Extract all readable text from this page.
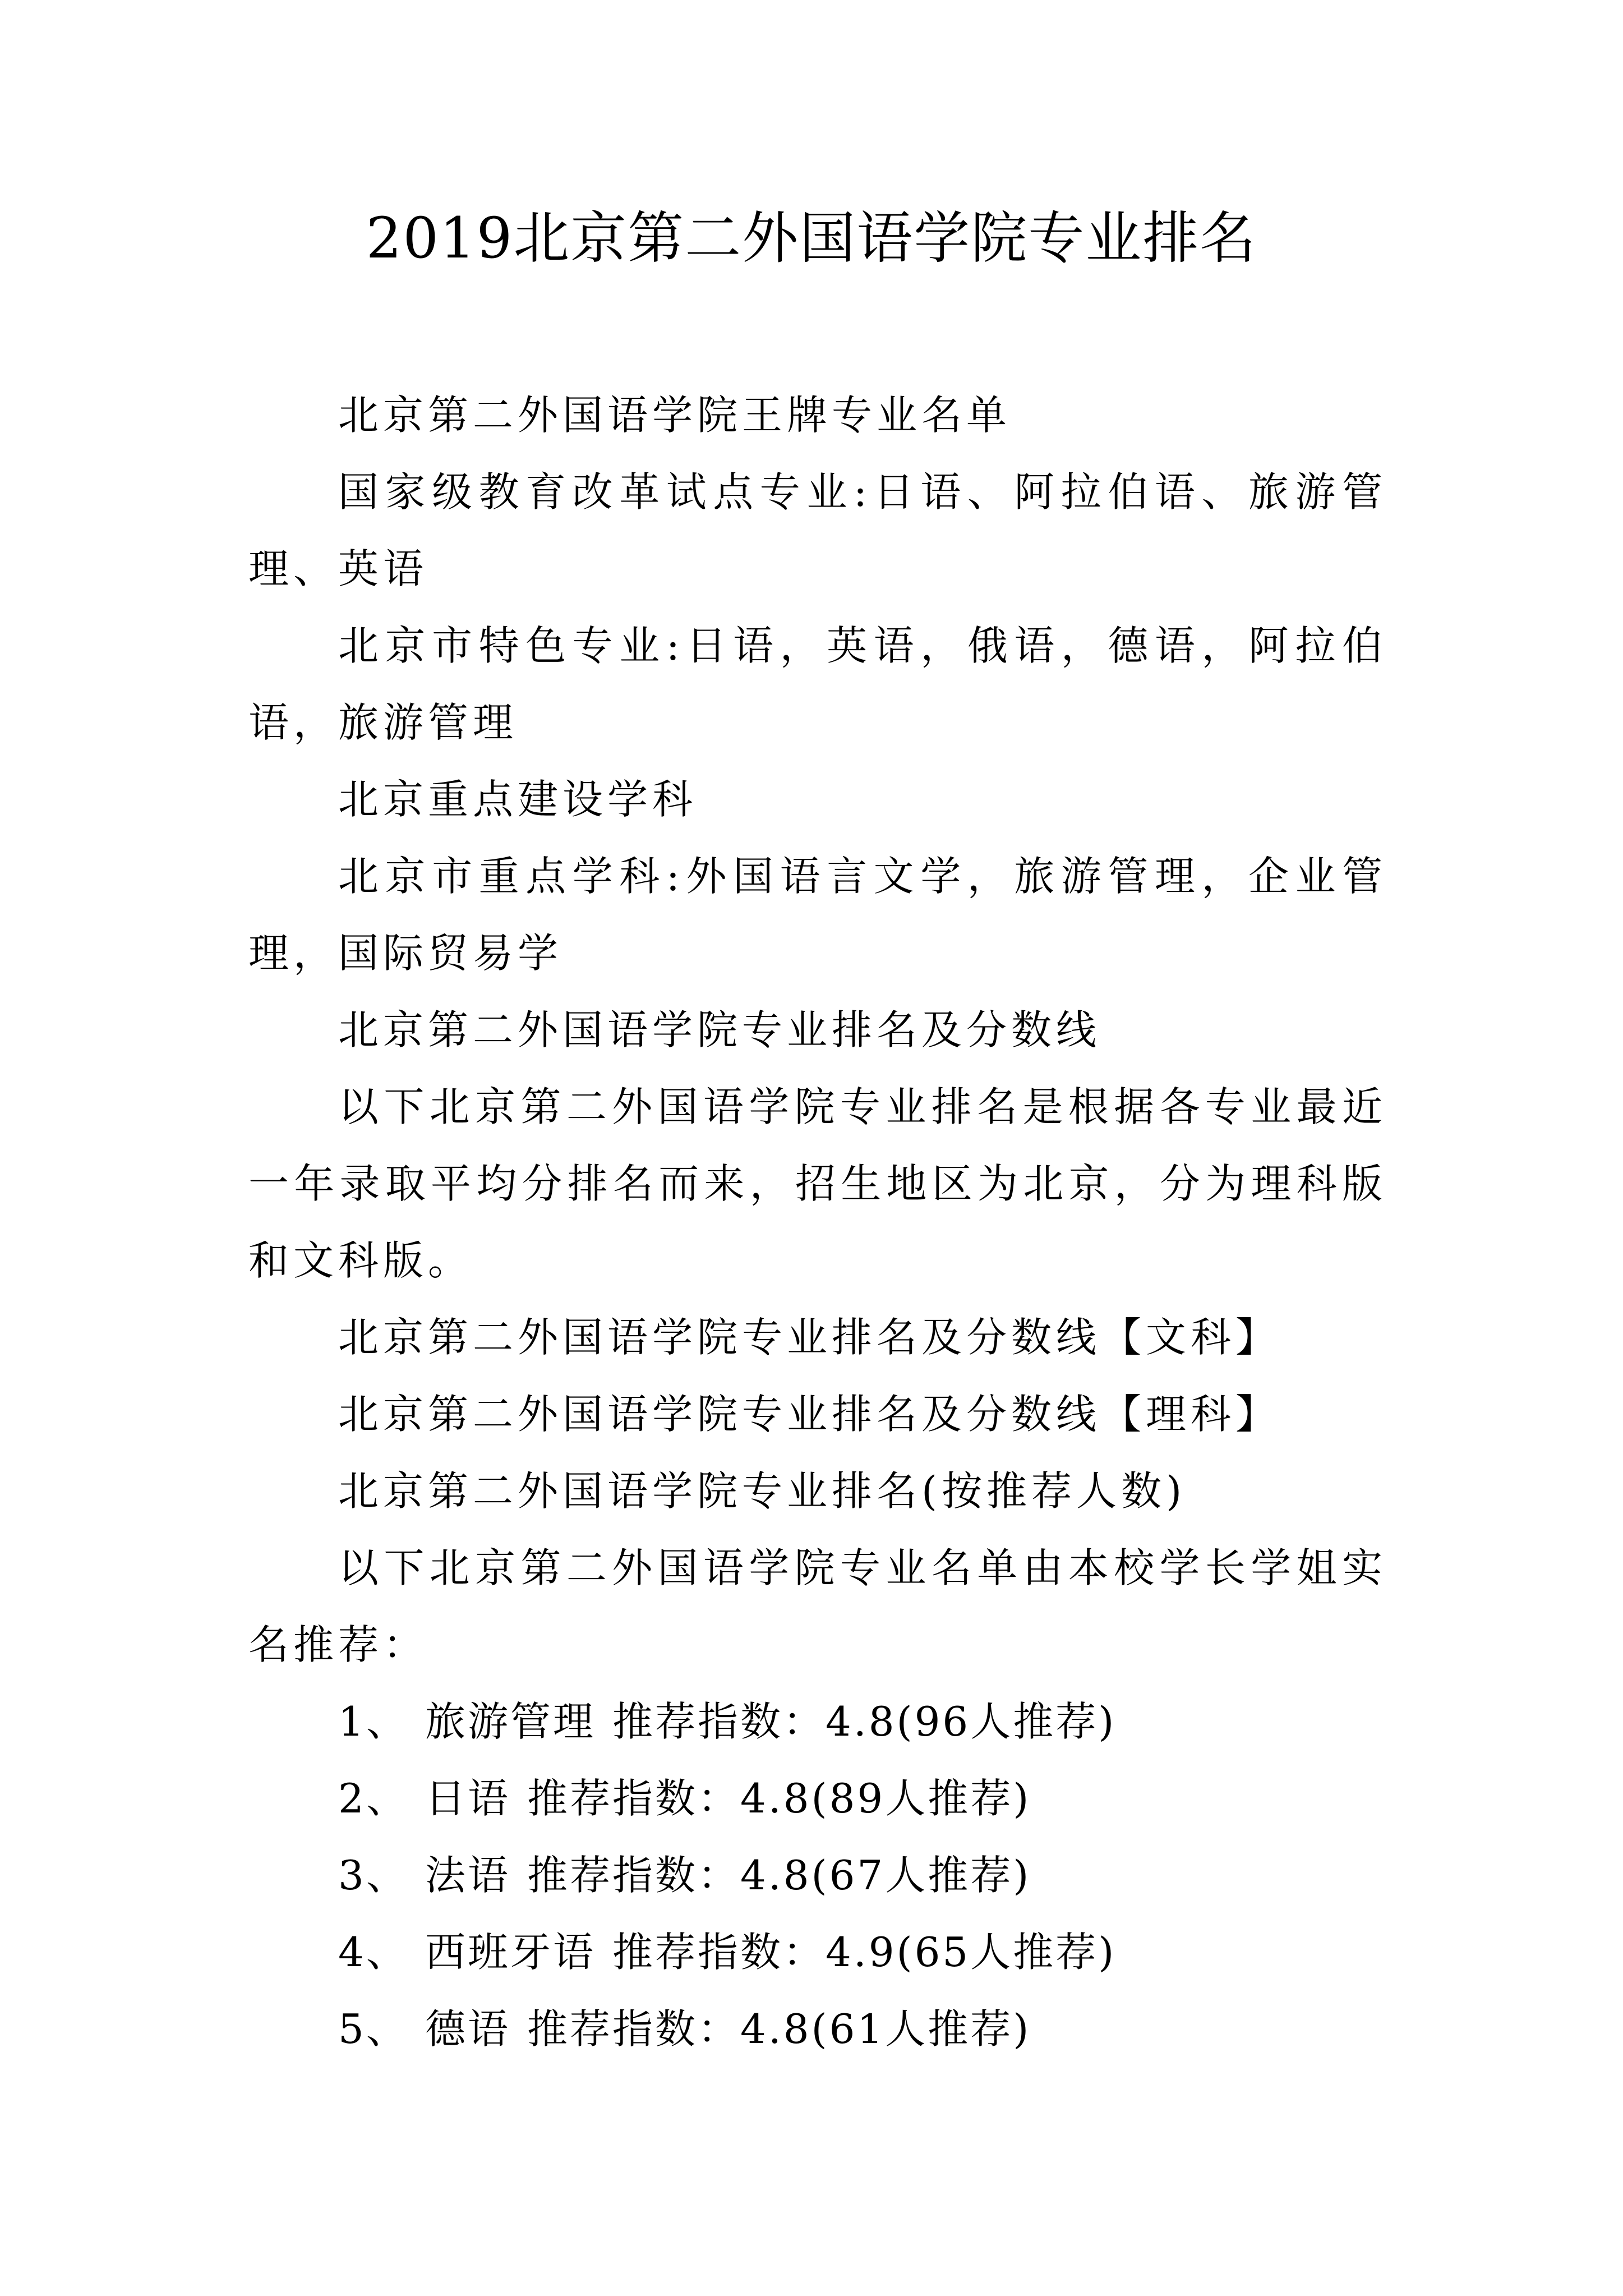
2019北京第二外国语学院专业排名

北京第二外国语学院王牌专业名单

国家级教育改革试点专业:日语、阿拉伯语、旅游管理、英语

北京市特色专业:日语，英语，俄语，德语，阿拉伯语，旅游管理

北京重点建设学科

北京市重点学科:外国语言文学，旅游管理，企业管理，国际贸易学

北京第二外国语学院专业排名及分数线

以下北京第二外国语学院专业排名是根据各专业最近一年录取平均分排名而来，招生地区为北京，分为理科版和文科版。

北京第二外国语学院专业排名及分数线【文科】

北京第二外国语学院专业排名及分数线【理科】

北京第二外国语学院专业排名(按推荐人数)

以下北京第二外国语学院专业名单由本校学长学姐实名推荐：

1、 旅游管理 推荐指数：4.8(96人推荐)
2、 日语 推荐指数：4.8(89人推荐)
3、 法语 推荐指数：4.8(67人推荐)
4、 西班牙语 推荐指数：4.9(65人推荐)
5、 德语 推荐指数：4.8(61人推荐)
